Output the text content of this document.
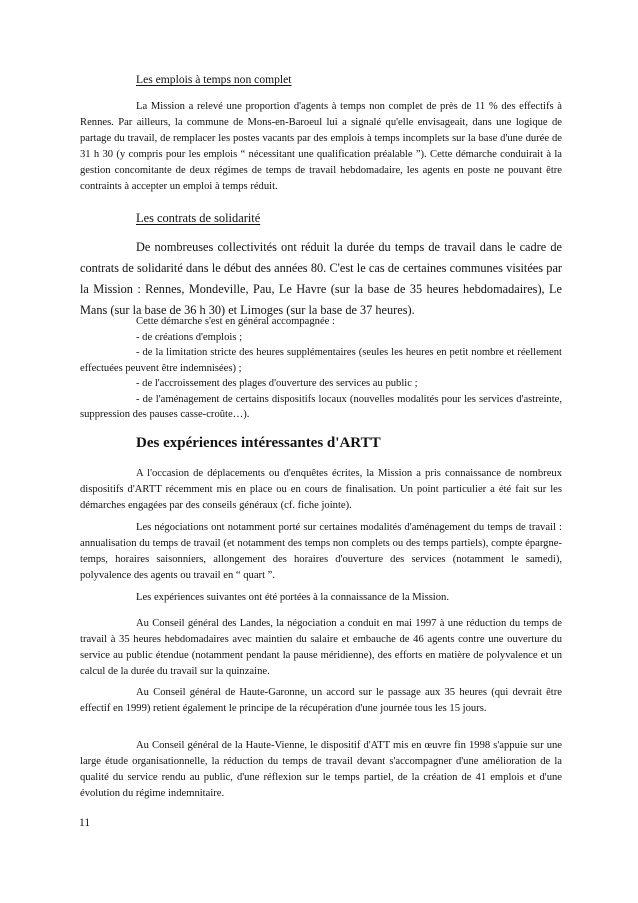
Les emplois à temps non complet

La Mission a relevé une proportion d'agents à temps non complet de près de 11 % des effectifs à Rennes. Par ailleurs, la commune de Mons-en-Baroeul lui a signalé qu'elle envisageait, dans une logique de partage du travail, de remplacer les postes vacants par des emplois à temps incomplets sur la base d'une durée de 31 h 30 (y compris pour les emplois “ nécessitant une qualification préalable ”). Cette démarche conduirait à la gestion concomitante de deux régimes de temps de travail hebdomadaire, les agents en poste ne pouvant être contraints à accepter un emploi à temps réduit.

Les contrats de solidarité

De nombreuses collectivités ont réduit la durée du temps de travail dans le cadre de contrats de solidarité dans le début des années 80. C'est le cas de certaines communes visitées par la Mission : Rennes, Mondeville, Pau, Le Havre (sur la base de 35 heures hebdomadaires), Le Mans (sur la base de 36 h 30) et Limoges (sur la base de 37 heures).

Cette démarche s'est en général accompagnée :
- de créations d'emplois ;
- de la limitation stricte des heures supplémentaires (seules les heures en petit nombre et réellement effectuées peuvent être indemnisées) ;
- de l'accroissement des plages d'ouverture des services au public ;
- de l'aménagement de certains dispositifs locaux (nouvelles modalités pour les services d'astreinte, suppression des pauses casse-croûte…).

Des expériences intéressantes d'ARTT

A l'occasion de déplacements ou d'enquêtes écrites, la Mission a pris connaissance de nombreux dispositifs d'ARTT récemment mis en place ou en cours de finalisation. Un point particulier a été fait sur les démarches engagées par des conseils généraux (cf. fiche jointe).

Les négociations ont notamment porté sur certaines modalités d'aménagement du temps de travail : annualisation du temps de travail (et notamment des temps non complets ou des temps partiels), compte épargne-temps, horaires saisonniers, allongement des horaires d'ouverture des services (notamment le samedi), polyvalence des agents ou travail en “ quart ”.

Les expériences suivantes ont été portées à la connaissance de la Mission.

Au Conseil général des Landes, la négociation a conduit en mai 1997 à une réduction du temps de travail à 35 heures hebdomadaires avec maintien du salaire et embauche de 46 agents contre une ouverture du service au public étendue (notamment pendant la pause méridienne), des efforts en matière de polyvalence et un calcul de la durée du travail sur la quinzaine.

Au Conseil général de Haute-Garonne, un accord sur le passage aux 35 heures (qui devrait être effectif en 1999) retient également le principe de la récupération d'une journée tous les 15 jours.

Au Conseil général de la Haute-Vienne, le dispositif d'ATT mis en œuvre fin 1998 s'appuie sur une large étude organisationnelle, la réduction du temps de travail devant s'accompagner d'une amélioration de la qualité du service rendu au public, d'une réflexion sur le temps partiel, de la création de 41 emplois et d'une évolution du régime indemnitaire.

11
